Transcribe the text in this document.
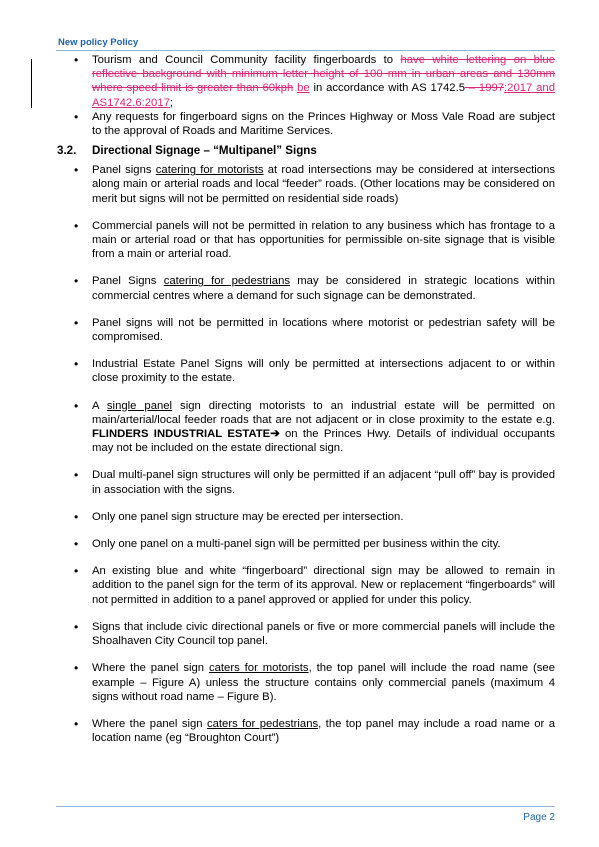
New policy Policy
• Tourism and Council Community facility fingerboards to have white lettering on blue reflective background with minimum letter height of 100 mm in urban areas and 130mm where speed limit is greater than 60kph be in accordance with AS 1742.5 – 1997:2017 and AS1742.6:2017;
• Any requests for fingerboard signs on the Princes Highway or Moss Vale Road are subject to the approval of Roads and Maritime Services.
3.2.	Directional Signage – “Multipanel” Signs
• Panel signs catering for motorists at road intersections may be considered at intersections along main or arterial roads and local “feeder” roads. (Other locations may be considered on merit but signs will not be permitted on residential side roads)
• Commercial panels will not be permitted in relation to any business which has frontage to a main or arterial road or that has opportunities for permissible on-site signage that is visible from a main or arterial road.
• Panel Signs catering for pedestrians may be considered in strategic locations within commercial centres where a demand for such signage can be demonstrated.
• Panel signs will not be permitted in locations where motorist or pedestrian safety will be compromised.
• Industrial Estate Panel Signs will only be permitted at intersections adjacent to or within close proximity to the estate.
• A single panel sign directing motorists to an industrial estate will be permitted on main/arterial/local feeder roads that are not adjacent or in close proximity to the estate e.g. FLINDERS INDUSTRIAL ESTATE➔ on the Princes Hwy. Details of individual occupants may not be included on the estate directional sign.
• Dual multi-panel sign structures will only be permitted if an adjacent “pull off” bay is provided in association with the signs.
• Only one panel sign structure may be erected per intersection.
• Only one panel on a multi-panel sign will be permitted per business within the city.
• An existing blue and white “fingerboard” directional sign may be allowed to remain in addition to the panel sign for the term of its approval. New or replacement “fingerboards” will not permitted in addition to a panel approved or applied for under this policy.
• Signs that include civic directional panels or five or more commercial panels will include the Shoalhaven City Council top panel.
• Where the panel sign caters for motorists, the top panel will include the road name (see example – Figure A) unless the structure contains only commercial panels (maximum 4 signs without road name – Figure B).
• Where the panel sign caters for pedestrians, the top panel may include a road name or a location name (eg “Broughton Court”)
Page 2
